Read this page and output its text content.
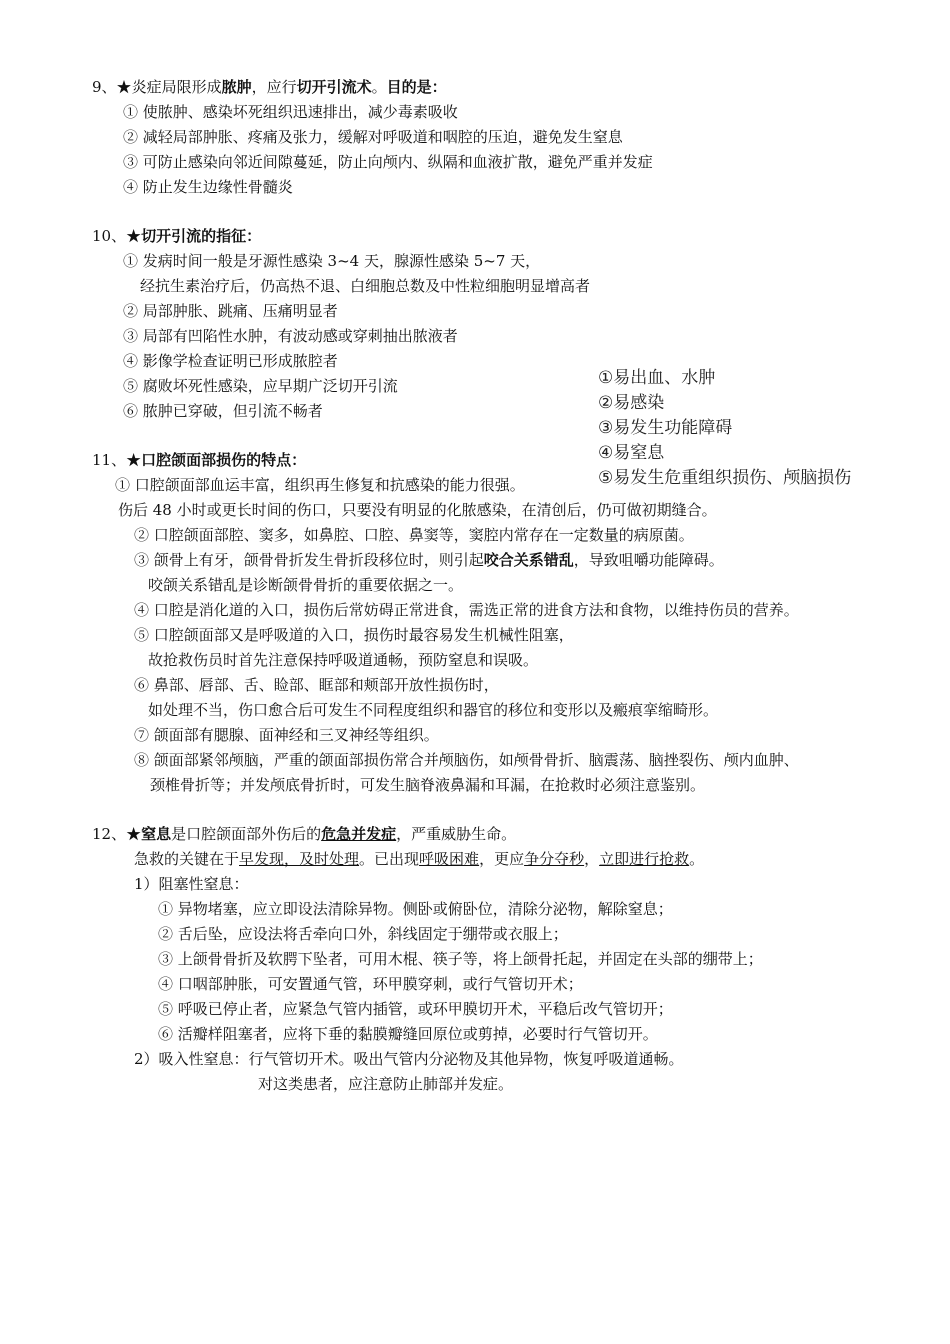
9、★炎症局限形成脓肿，应行切开引流术。目的是：
① 使脓肿、感染坏死组织迅速排出，减少毒素吸收
② 减轻局部肿胀、疼痛及张力，缓解对呼吸道和咽腔的压迫，避免发生窒息
③ 可防止感染向邻近间隙蔓延，防止向颅内、纵隔和血液扩散，避免严重并发症
④ 防止发生边缘性骨髓炎
10、★切开引流的指征：
① 发病时间一般是牙源性感染 3~4 天，腺源性感染 5~7 天，
经抗生素治疗后，仍高热不退、白细胞总数及中性粒细胞明显增高者
② 局部肿胀、跳痛、压痛明显者
③ 局部有凹陷性水肿，有波动感或穿刺抽出脓液者
④ 影像学检查证明已形成脓腔者
⑤ 腐败坏死性感染，应早期广泛切开引流
⑥ 脓肿已穿破，但引流不畅者
①易出血、水肿
②易感染
③易发生功能障碍
④易窒息
⑤易发生危重组织损伤、颅脑损伤
11、★口腔颌面部损伤的特点：
① 口腔颌面部血运丰富，组织再生修复和抗感染的能力很强。
伤后 48 小时或更长时间的伤口，只要没有明显的化脓感染，在清创后，仍可做初期缝合。
② 口腔颌面部腔、窦多，如鼻腔、口腔、鼻窦等，窦腔内常存在一定数量的病原菌。
③ 颌骨上有牙，颌骨骨折发生骨折段移位时，则引起咬合关系错乱，导致咀嚼功能障碍。
咬颌关系错乱是诊断颌骨骨折的重要依据之一。
④ 口腔是消化道的入口，损伤后常妨碍正常进食，需选正常的进食方法和食物，以维持伤员的营养。
⑤ 口腔颌面部又是呼吸道的入口，损伤时最容易发生机械性阻塞，
故抢救伤员时首先注意保持呼吸道通畅，预防窒息和误吸。
⑥ 鼻部、唇部、舌、睑部、眶部和颊部开放性损伤时，
如处理不当，伤口愈合后可发生不同程度组织和器官的移位和变形以及瘢痕挛缩畸形。
⑦ 颌面部有腮腺、面神经和三叉神经等组织。
⑧ 颌面部紧邻颅脑，严重的颌面部损伤常合并颅脑伤，如颅骨骨折、脑震荡、脑挫裂伤、颅内血肿、
颈椎骨折等；并发颅底骨折时，可发生脑脊液鼻漏和耳漏，在抢救时必须注意鉴别。
12、★窒息是口腔颌面部外伤后的危急并发症，严重威胁生命。
急救的关键在于早发现，及时处理。已出现呼吸困难，更应争分夺秒，立即进行抢救。
1）阻塞性窒息：
① 异物堵塞，应立即设法清除异物。侧卧或俯卧位，清除分泌物，解除窒息；
② 舌后坠，应设法将舌牵向口外，斜线固定于绷带或衣服上；
③ 上颌骨骨折及软腭下坠者，可用木棍、筷子等，将上颌骨托起，并固定在头部的绷带上；
④ 口咽部肿胀，可安置通气管，环甲膜穿刺，或行气管切开术；
⑤ 呼吸已停止者，应紧急气管内插管，或环甲膜切开术，平稳后改气管切开；
⑥ 活瓣样阻塞者，应将下垂的黏膜瓣缝回原位或剪掉，必要时行气管切开。
2）吸入性窒息：行气管切开术。吸出气管内分泌物及其他异物，恢复呼吸道通畅。
对这类患者，应注意防止肺部并发症。
